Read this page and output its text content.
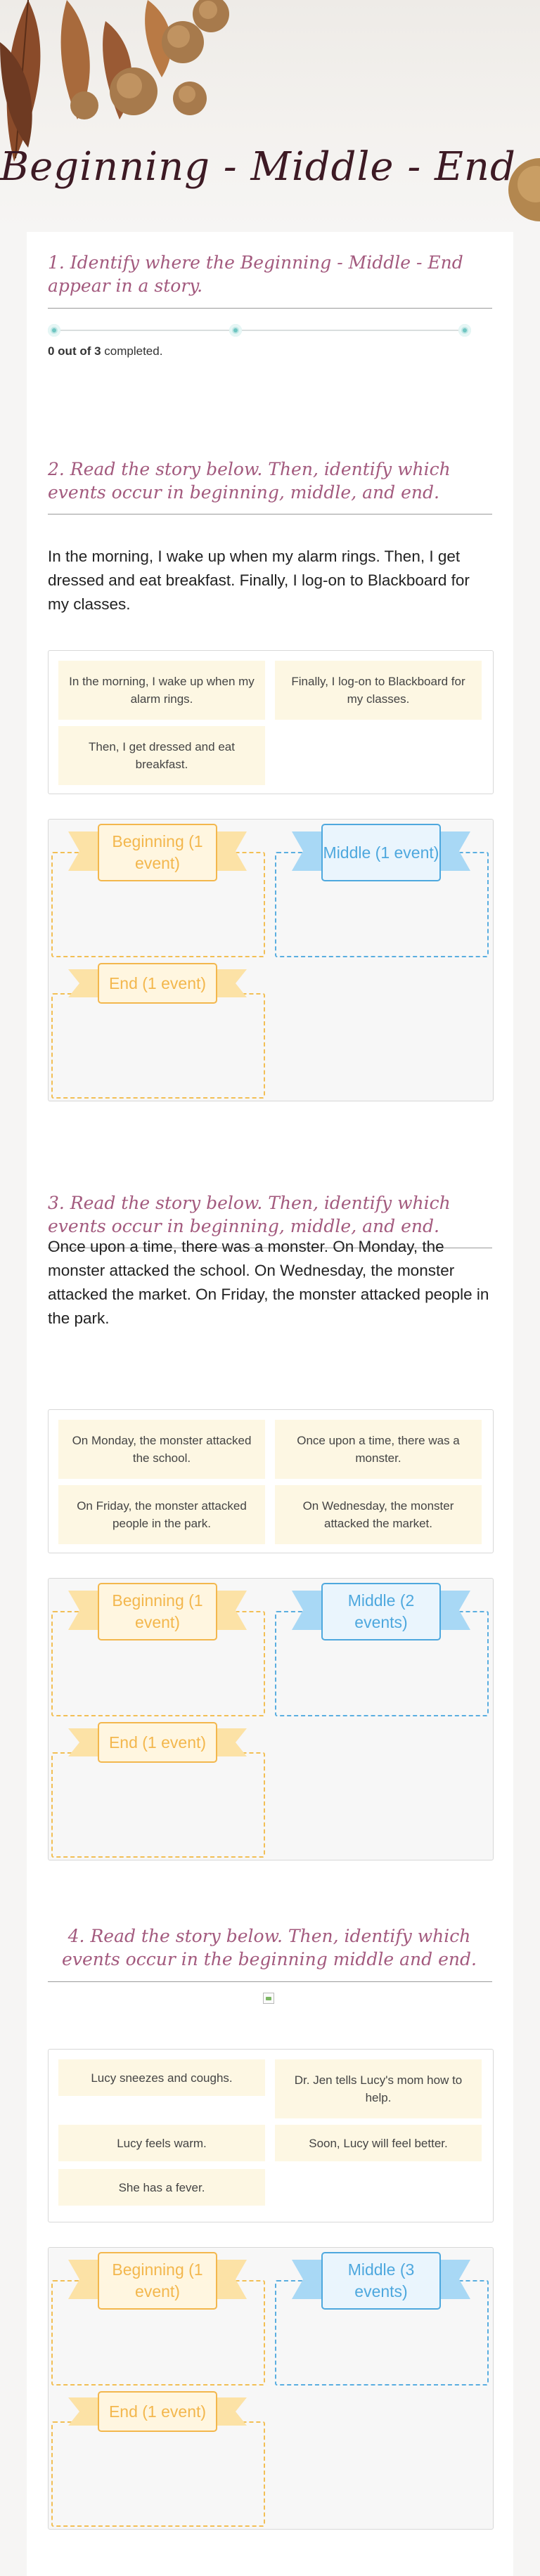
Beginning - Middle - End
1. Identify where the Beginning - Middle - End appear in a story.
0 out of 3 completed.
2. Read the story below. Then, identify which events occur in beginning, middle, and end.

In the morning, I wake up when my alarm rings. Then, I get dressed and eat breakfast. Finally, I log-on to Blackboard for my classes.

In the morning, I wake up when my alarm rings.
Finally, I log-on to Blackboard for my classes.
Then, I get dressed and eat breakfast.
Beginning (1 event)
Middle (1 event)
End (1 event)
3. Read the story below. Then, identify which events occur in beginning, middle, and end.

Once upon a time, there was a monster. On Monday, the monster attacked the school. On Wednesday, the monster attacked the market. On Friday, the monster attacked people in the park.

On Monday, the monster attacked the school.
Once upon a time, there was a monster.
On Friday, the monster attacked people in the park.
On Wednesday, the monster attacked the market.
Beginning (1 event)
Middle (2 events)
End (1 event)
4. Read the story below. Then, identify which events occur in the beginning middle and end.
Lucy sneezes and coughs.	Dr. Jen tells Lucy's mom how to help.
Lucy feels warm.	Soon, Lucy will feel better.
She has a fever.
Beginning (1 event)
Middle (3 events)
End (1 event)
